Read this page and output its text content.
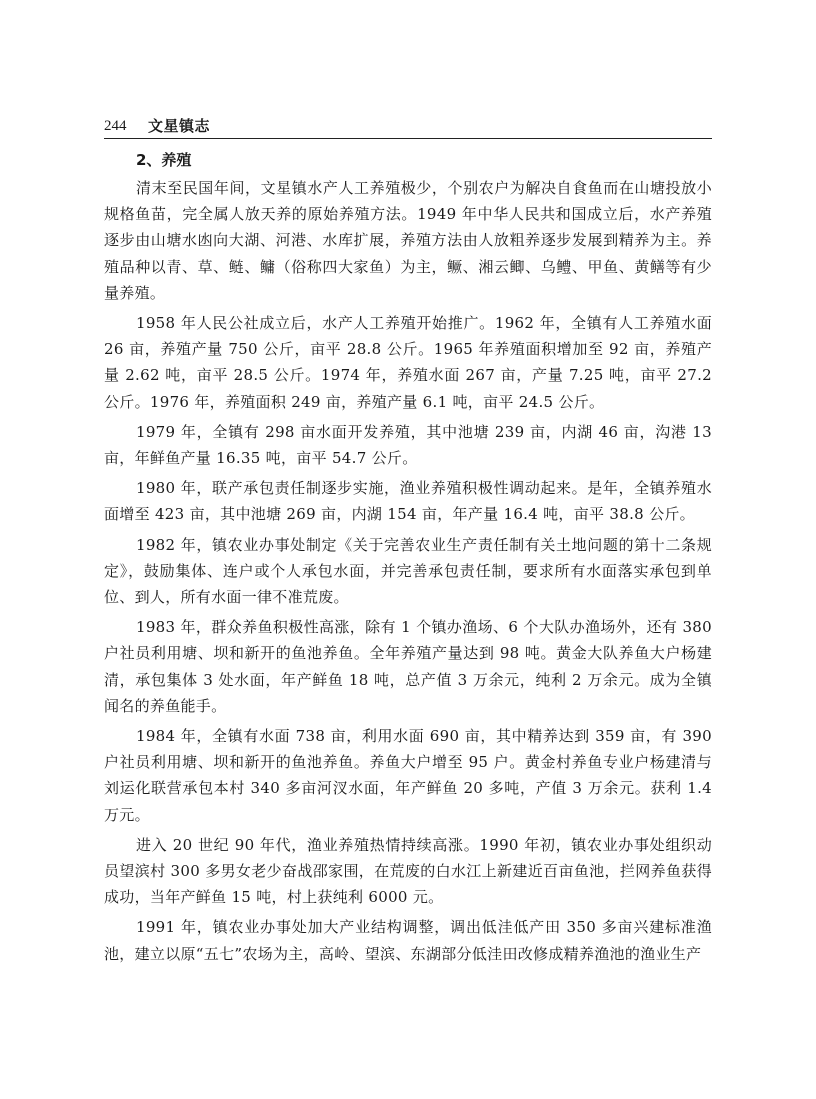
244 文星镇志
2、养殖

清末至民国年间，文星镇水产人工养殖极少，个别农户为解决自食鱼而在山塘投放小规格鱼苗，完全属人放天养的原始养殖方法。1949 年中华人民共和国成立后，水产养殖逐步由山塘水凼向大湖、河港、水库扩展，养殖方法由人放粗养逐步发展到精养为主。养殖品种以青、草、鲢、鳙（俗称四大家鱼）为主，鳜、湘云鲫、乌鳢、甲鱼、黄鳝等有少量养殖。

1958 年人民公社成立后，水产人工养殖开始推广。1962 年，全镇有人工养殖水面 26 亩，养殖产量 750 公斤，亩平 28.8 公斤。1965 年养殖面积增加至 92 亩，养殖产量 2.62 吨，亩平 28.5 公斤。1974 年，养殖水面 267 亩，产量 7.25 吨，亩平 27.2 公斤。1976 年，养殖面积 249 亩，养殖产量 6.1 吨，亩平 24.5 公斤。

1979 年，全镇有 298 亩水面开发养殖，其中池塘 239 亩，内湖 46 亩，沟港 13 亩，年鲜鱼产量 16.35 吨，亩平 54.7 公斤。

1980 年，联产承包责任制逐步实施，渔业养殖积极性调动起来。是年，全镇养殖水面增至 423 亩，其中池塘 269 亩，内湖 154 亩，年产量 16.4 吨，亩平 38.8 公斤。

1982 年，镇农业办事处制定《关于完善农业生产责任制有关土地问题的第十二条规定》，鼓励集体、连户或个人承包水面，并完善承包责任制，要求所有水面落实承包到单位、到人，所有水面一律不准荒废。

1983 年，群众养鱼积极性高涨，除有 1 个镇办渔场、6 个大队办渔场外，还有 380 户社员利用塘、坝和新开的鱼池养鱼。全年养殖产量达到 98 吨。黄金大队养鱼大户杨建清，承包集体 3 处水面，年产鲜鱼 18 吨，总产值 3 万余元，纯利 2 万余元。成为全镇闻名的养鱼能手。

1984 年，全镇有水面 738 亩，利用水面 690 亩，其中精养达到 359 亩，有 390 户社员利用塘、坝和新开的鱼池养鱼。养鱼大户增至 95 户。黄金村养鱼专业户杨建清与刘运化联营承包本村 340 多亩河汊水面，年产鲜鱼 20 多吨，产值 3 万余元。获利 1.4 万元。

进入 20 世纪 90 年代，渔业养殖热情持续高涨。1990 年初，镇农业办事处组织动员望滨村 300 多男女老少奋战邵家围，在荒废的白水江上新建近百亩鱼池，拦网养鱼获得成功，当年产鲜鱼 15 吨，村上获纯利 6000 元。

1991 年，镇农业办事处加大产业结构调整，调出低洼低产田 350 多亩兴建标准渔池，建立以原“五七”农场为主，高岭、望滨、东湖部分低洼田改修成精养渔池的渔业生产
